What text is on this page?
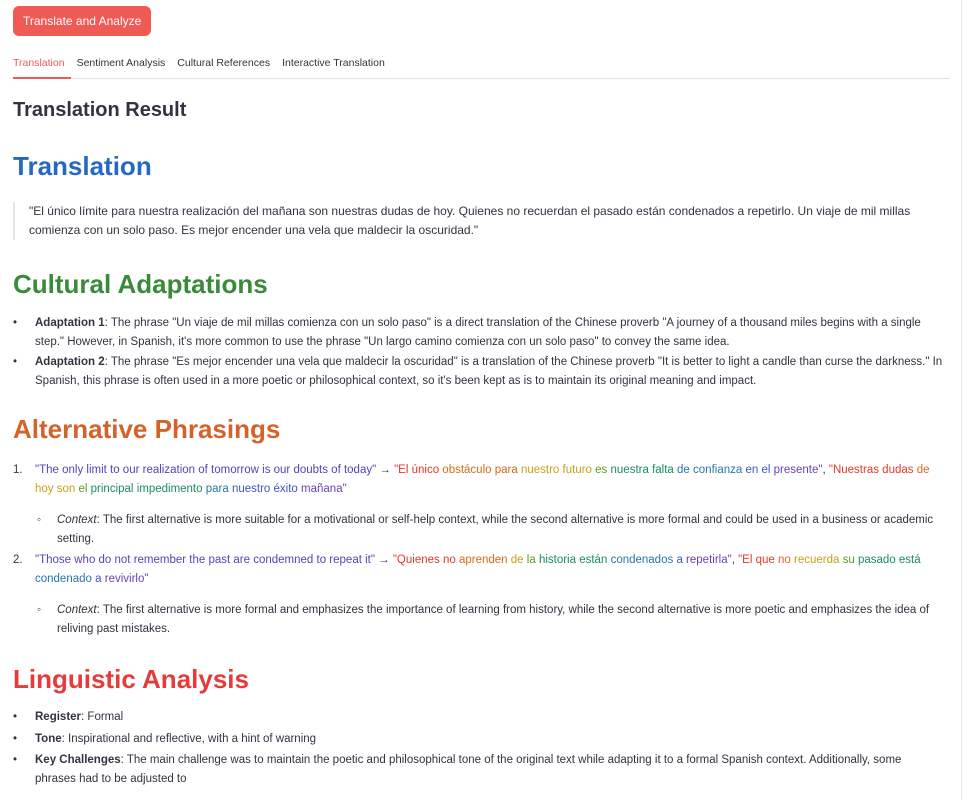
Translate and Analyze
Translation	Sentiment Analysis	Cultural References	Interactive Translation
Translation Result
Translation
"El único límite para nuestra realización del mañana son nuestras dudas de hoy. Quienes no recuerdan el pasado están condenados a repetirlo. Un viaje de mil millas comienza con un solo paso. Es mejor encender una vela que maldecir la oscuridad."
Cultural Adaptations
• Adaptation 1: The phrase "Un viaje de mil millas comienza con un solo paso" is a direct translation of the Chinese proverb "A journey of a thousand miles begins with a single step." However, in Spanish, it's more common to use the phrase "Un largo camino comienza con un solo paso" to convey the same idea.
• Adaptation 2: The phrase "Es mejor encender una vela que maldecir la oscuridad" is a translation of the Chinese proverb "It is better to light a candle than curse the darkness." In Spanish, this phrase is often used in a more poetic or philosophical context, so it's been kept as is to maintain its original meaning and impact.
Alternative Phrasings
1. "The only limit to our realization of tomorrow is our doubts of today" → "El único obstáculo para nuestro futuro es nuestra falta de confianza en el presente", "Nuestras dudas de hoy son el principal impedimento para nuestro éxito mañana"
◦ Context: The first alternative is more suitable for a motivational or self-help context, while the second alternative is more formal and could be used in a business or academic setting.
2. "Those who do not remember the past are condemned to repeat it" → "Quienes no aprenden de la historia están condenados a repetirla", "El que no recuerda su pasado está condenado a revivirlo"
◦ Context: The first alternative is more formal and emphasizes the importance of learning from history, while the second alternative is more poetic and emphasizes the idea of reliving past mistakes.
Linguistic Analysis
• Register: Formal
• Tone: Inspirational and reflective, with a hint of warning
• Key Challenges: The main challenge was to maintain the poetic and philosophical tone of the original text while adapting it to a formal Spanish context. Additionally, some phrases had to be adjusted to
